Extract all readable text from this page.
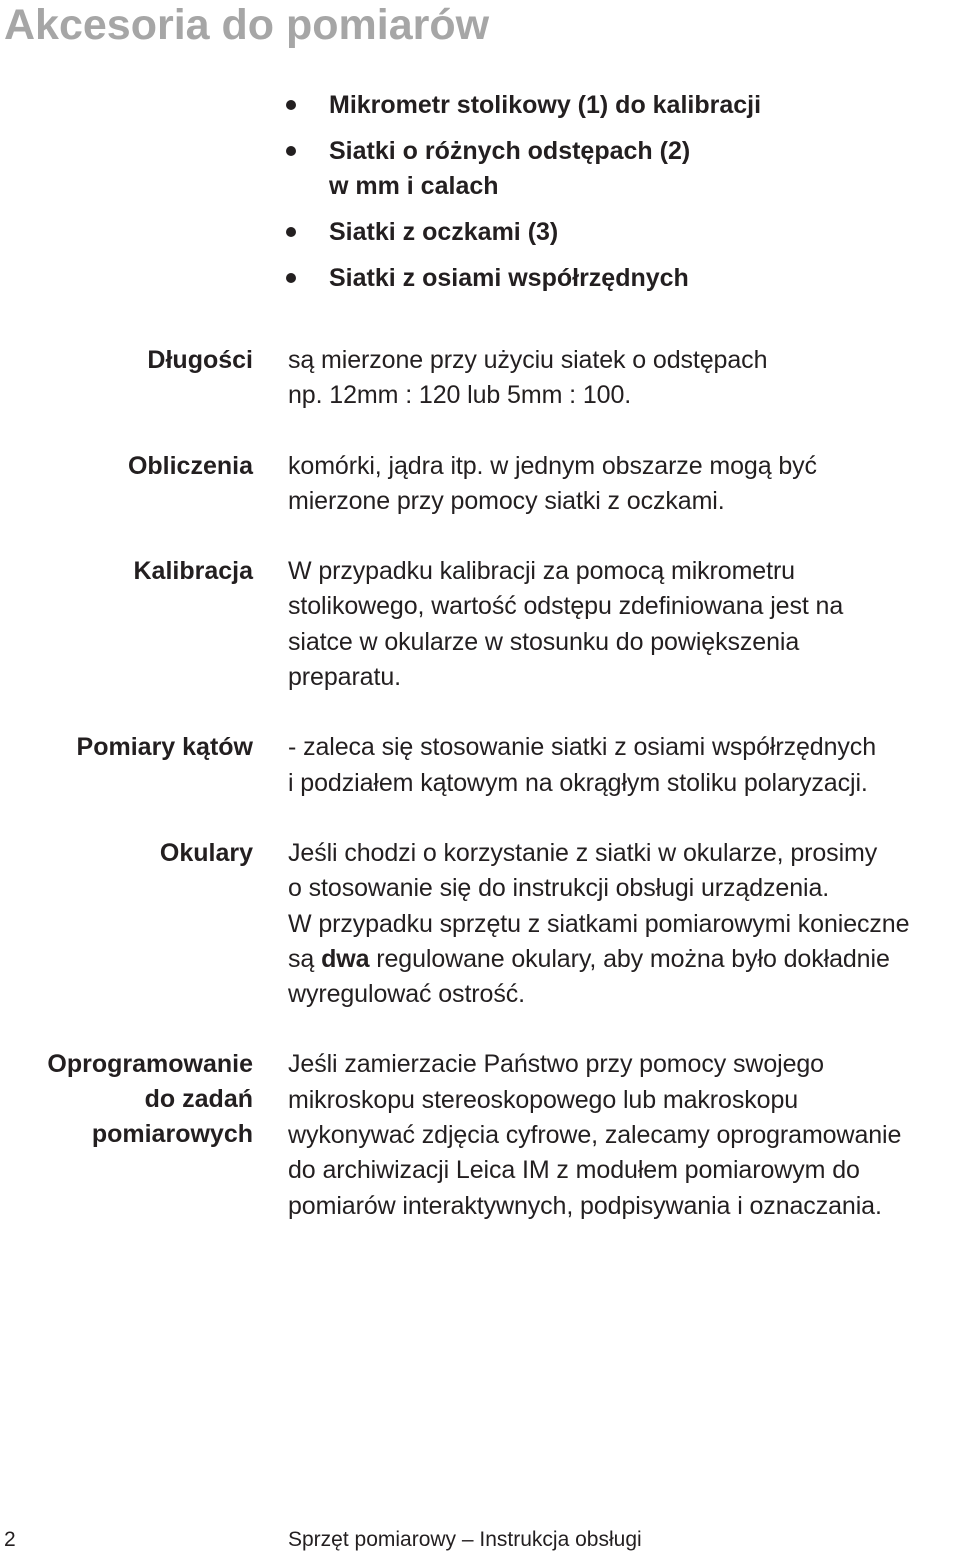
Akcesoria do pomiarów
Mikrometr stolikowy (1) do kalibracji
Siatki o różnych odstępach (2)
w mm i calach
Siatki z oczkami (3)
Siatki z osiami współrzędnych
Długości są mierzone przy użyciu siatek o odstępach
np. 12mm : 120 lub 5mm : 100.

Obliczenia komórki, jądra itp. w jednym obszarze mogą być
mierzone przy pomocy siatki z oczkami.

Kalibracja W przypadku kalibracji za pomocą mikrometru
stolikowego, wartość odstępu zdefiniowana jest na
siatce w okularze w stosunku do powiększenia
preparatu.

Pomiary kątów - zaleca się stosowanie siatki z osiami współrzędnych
i podziałem kątowym na okrągłym stoliku polaryzacji.

Okulary Jeśli chodzi o korzystanie z siatki w okularze, prosimy
o stosowanie się do instrukcji obsługi urządzenia.
W przypadku sprzętu z siatkami pomiarowymi konieczne
są dwa regulowane okulary, aby można było dokładnie
wyregulować ostrość.

Oprogramowanie
do zadań
pomiarowych

Jeśli zamierzacie Państwo przy pomocy swojego
mikroskopu stereoskopowego lub makroskopu
wykonywać zdjęcia cyfrowe, zalecamy oprogramowanie
do archiwizacji Leica IM z modułem pomiarowym do
pomiarów interaktywnych, podpisywania i oznaczania.

2	Sprzęt pomiarowy – Instrukcja obsługi
